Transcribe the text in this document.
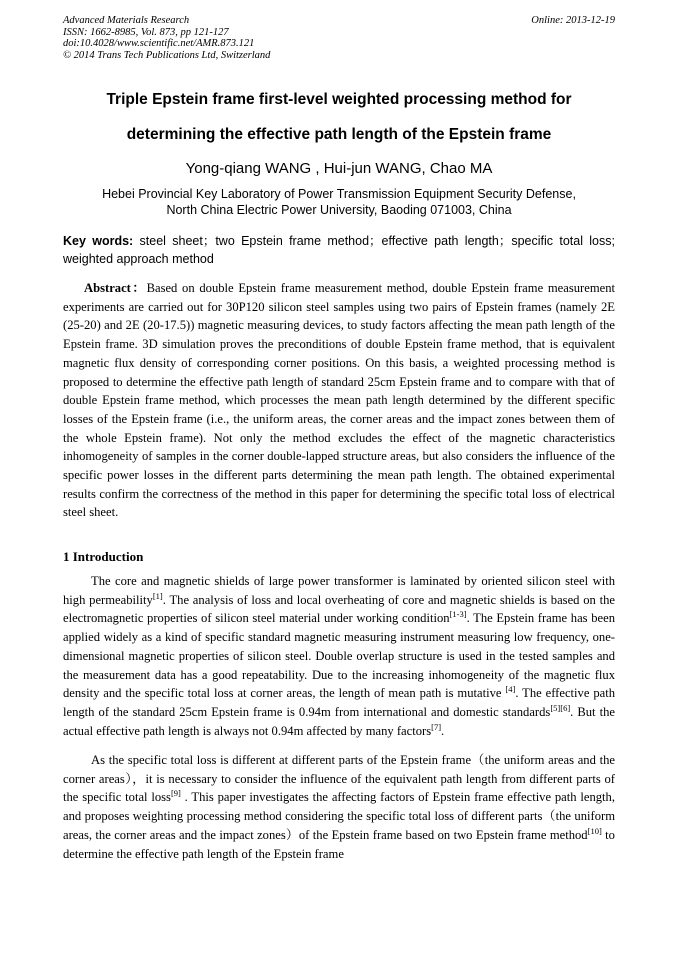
Advanced Materials Research
ISSN: 1662-8985, Vol. 873, pp 121-127
doi:10.4028/www.scientific.net/AMR.873.121
© 2014 Trans Tech Publications Ltd, Switzerland
Online: 2013-12-19
Triple Epstein frame first-level weighted processing method for
determining the effective path length of the Epstein frame
Yong-qiang WANG , Hui-jun WANG, Chao MA
Hebei Provincial Key Laboratory of Power Transmission Equipment Security Defense,
North China Electric Power University, Baoding 071003, China
Key words: steel sheet；two Epstein frame method；effective path length；specific total loss; weighted approach method

Abstract：Based on double Epstein frame measurement method, double Epstein frame measurement experiments are carried out for 30P120 silicon steel samples using two pairs of Epstein frames (namely 2E (25-20) and 2E (20-17.5)) magnetic measuring devices, to study factors affecting the mean path length of the Epstein frame. 3D simulation proves the preconditions of double Epstein frame method, that is equivalent magnetic flux density of corresponding corner positions. On this basis, a weighted processing method is proposed to determine the effective path length of standard 25cm Epstein frame and to compare with that of double Epstein frame method, which processes the mean path length determined by the different specific losses of the Epstein frame (i.e., the uniform areas, the corner areas and the impact zones between them of the whole Epstein frame). Not only the method excludes the effect of the magnetic characteristics inhomogeneity of samples in the corner double-lapped structure areas, but also considers the influence of the specific power losses in the different parts determining the mean path length. The obtained experimental results confirm the correctness of the method in this paper for determining the specific total loss of electrical steel sheet.

1 Introduction

The core and magnetic shields of large power transformer is laminated by oriented silicon steel with high permeability[1]. The analysis of loss and local overheating of core and magnetic shields is based on the electromagnetic properties of silicon steel material under working condition[1-3]. The Epstein frame has been applied widely as a kind of specific standard magnetic measuring instrument measuring low frequency, one-dimensional magnetic properties of silicon steel. Double overlap structure is used in the tested samples and the measurement data has a good repeatability. Due to the increasing inhomogeneity of the magnetic flux density and the specific total loss at corner areas, the length of mean path is mutative [4]. The effective path length of the standard 25cm Epstein frame is 0.94m from international and domestic standards[5][6]. But the actual effective path length is always not 0.94m affected by many factors[7].

As the specific total loss is different at different parts of the Epstein frame（the uniform areas and the corner areas），it is necessary to consider the influence of the equivalent path length from different parts of the specific total loss[9] . This paper investigates the affecting factors of Epstein frame effective path length, and proposes weighting processing method considering the specific total loss of different parts（the uniform areas, the corner areas and the impact zones）of the Epstein frame based on two Epstein frame method[10] to determine the effective path length of the Epstein frame
